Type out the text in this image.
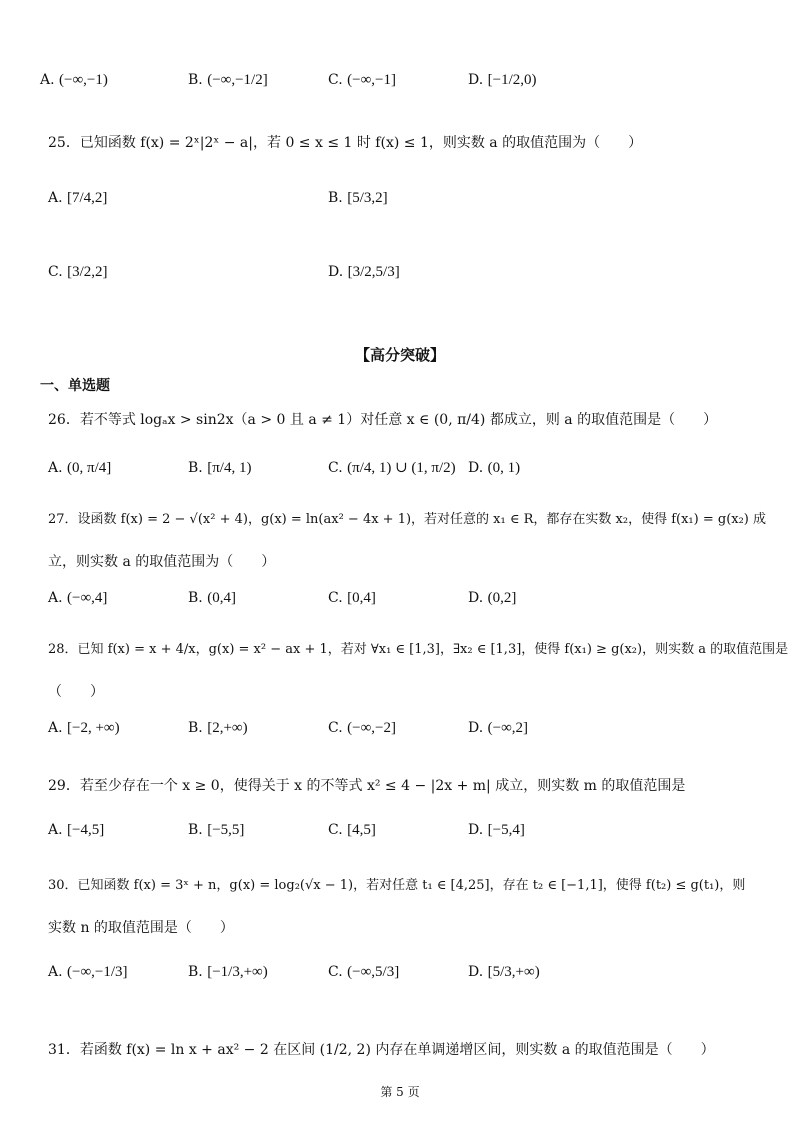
A. (−∞,−1)	B. (−∞,−1/2]	C. (−∞,−1]	D. [−1/2,0)
25．已知函数 f(x) = 2ˣ|2ˣ − a|，若 0 ≤ x ≤ 1 时 f(x) ≤ 1，则实数 a 的取值范围为（　　）
A. [7/4,2]	B. [5/3,2]
C. [3/2,2]	D. [3/2,5/3]
【高分突破】
一、单选题
26．若不等式 logₐx > sin2x（a > 0 且 a ≠ 1）对任意 x ∈ (0, π/4) 都成立，则 a 的取值范围是（　　）
A. (0, π/4]	B. [π/4, 1)	C. (π/4, 1) ∪ (1, π/2) D. (0, 1)
27．设函数 f(x) = 2 − √(x² + 4)，g(x) = ln(ax² − 4x + 1)，若对任意的 x₁ ∈ R，都存在实数 x₂，使得 f(x₁) = g(x₂) 成
立，则实数 a 的取值范围为（　　）
A. (−∞,4]	B. (0,4]	C. [0,4]	D. (0,2]
28．已知 f(x) = x + 4/x，g(x) = x² − ax + 1，若对 ∀x₁ ∈ [1,3]，∃x₂ ∈ [1,3]，使得 f(x₁) ≥ g(x₂)，则实数 a 的取值范围是
（　　）
A. [−2, +∞)	B. [2,+∞)	C. (−∞,−2]	D. (−∞,2]
29．若至少存在一个 x ≥ 0，使得关于 x 的不等式 x² ≤ 4 − |2x + m| 成立，则实数 m 的取值范围是
A. [−4,5]	B. [−5,5]	C. [4,5]	D. [−5,4]
30．已知函数 f(x) = 3ˣ + n，g(x) = log₂(√x − 1)，若对任意 t₁ ∈ [4,25]，存在 t₂ ∈ [−1,1]，使得 f(t₂) ≤ g(t₁)，则
实数 n 的取值范围是（　　）
A. (−∞,−1/3]	B. [−1/3,+∞)	C. (−∞,5/3]	D. [5/3,+∞)
31．若函数 f(x) = ln x + ax² − 2 在区间 (1/2, 2) 内存在单调递增区间，则实数 a 的取值范围是（　　）
第 5 页
